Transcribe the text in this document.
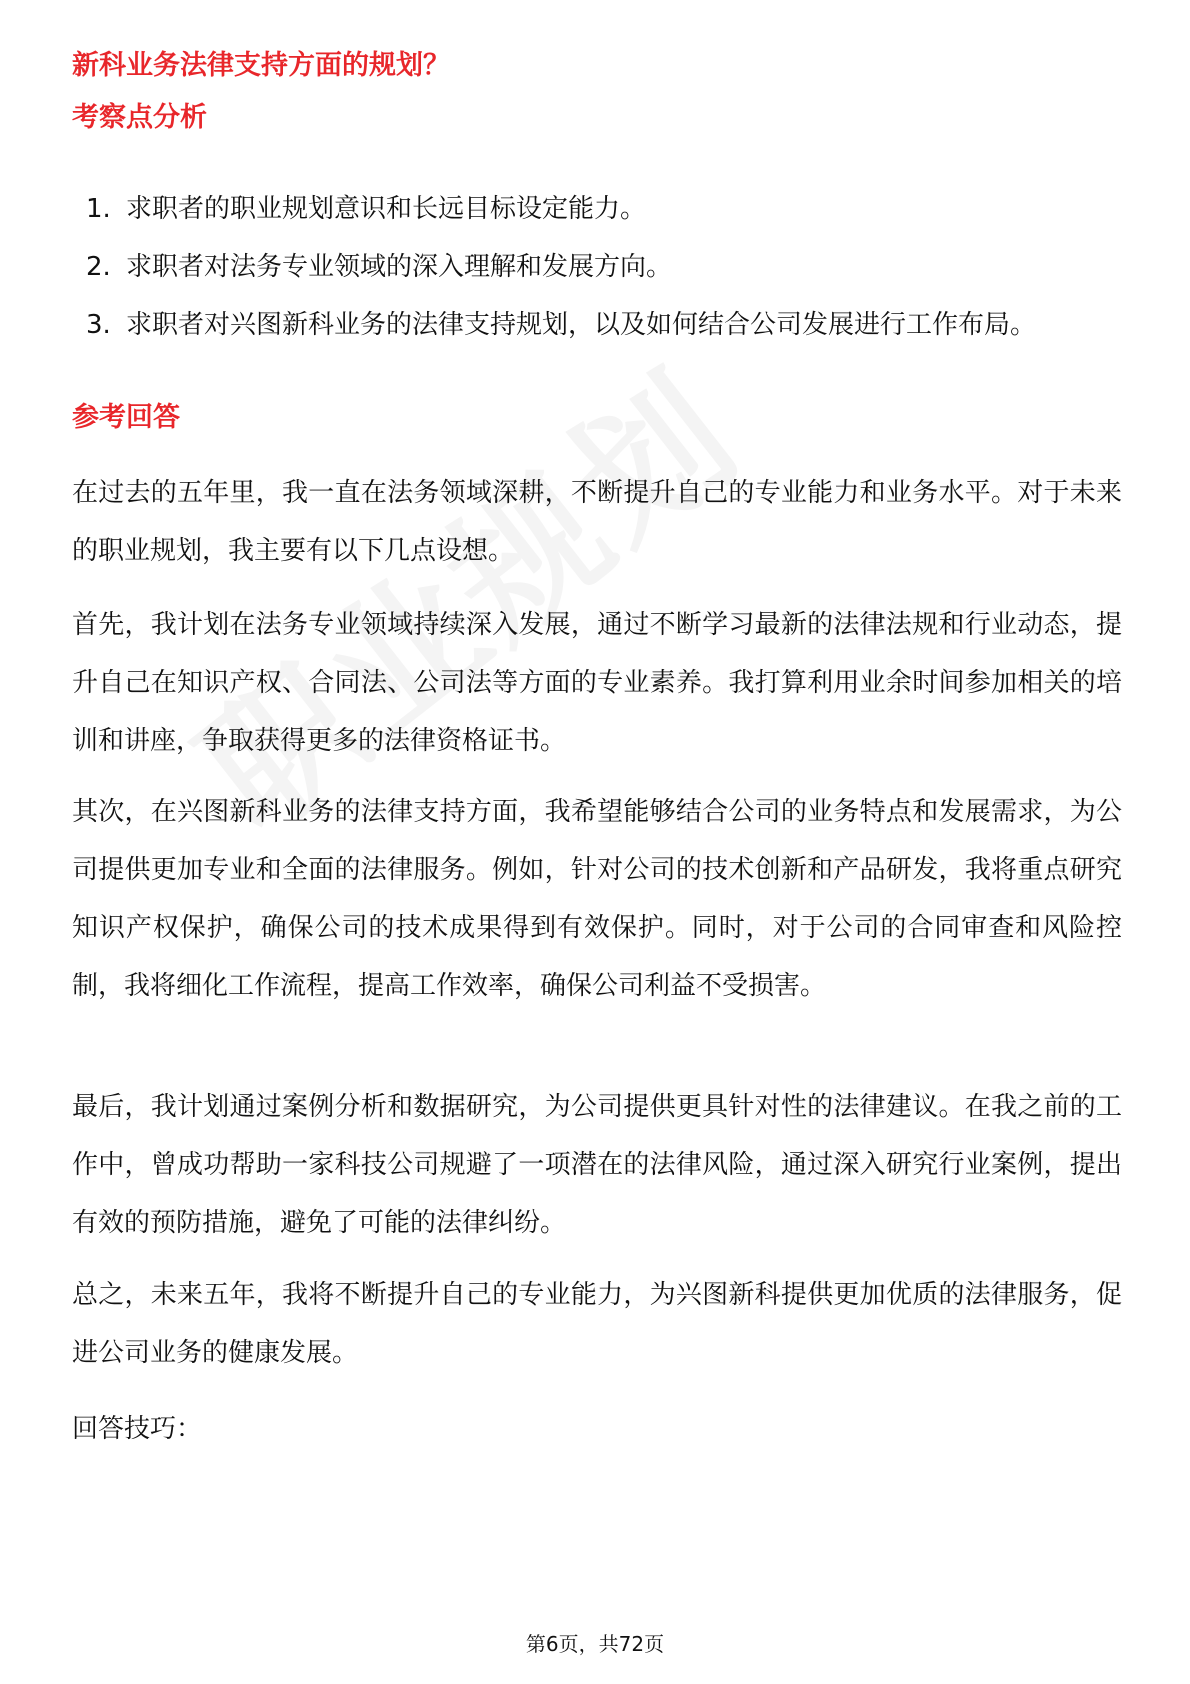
新科业务法律支持方面的规划？
考察点分析
1. 求职者的职业规划意识和长远目标设定能力。
2. 求职者对法务专业领域的深入理解和发展方向。
3. 求职者对兴图新科业务的法律支持规划，以及如何结合公司发展进行工作布局。
参考回答

在过去的五年里，我一直在法务领域深耕，不断提升自己的专业能力和业务水平。对于未来的职业规划，我主要有以下几点设想。

首先，我计划在法务专业领域持续深入发展，通过不断学习最新的法律法规和行业动态，提升自己在知识产权、合同法、公司法等方面的专业素养。我打算利用业余时间参加相关的培训和讲座，争取获得更多的法律资格证书。

其次，在兴图新科业务的法律支持方面，我希望能够结合公司的业务特点和发展需求，为公司提供更加专业和全面的法律服务。例如，针对公司的技术创新和产品研发，我将重点研究知识产权保护，确保公司的技术成果得到有效保护。同时，对于公司的合同审查和风险控制，我将细化工作流程，提高工作效率，确保公司利益不受损害。

最后，我计划通过案例分析和数据研究，为公司提供更具针对性的法律建议。在我之前的工作中，曾成功帮助一家科技公司规避了一项潜在的法律风险，通过深入研究行业案例，提出有效的预防措施，避免了可能的法律纠纷。

总之，未来五年，我将不断提升自己的专业能力，为兴图新科提供更加优质的法律服务，促进公司业务的健康发展。

回答技巧：

第6页，共72页
